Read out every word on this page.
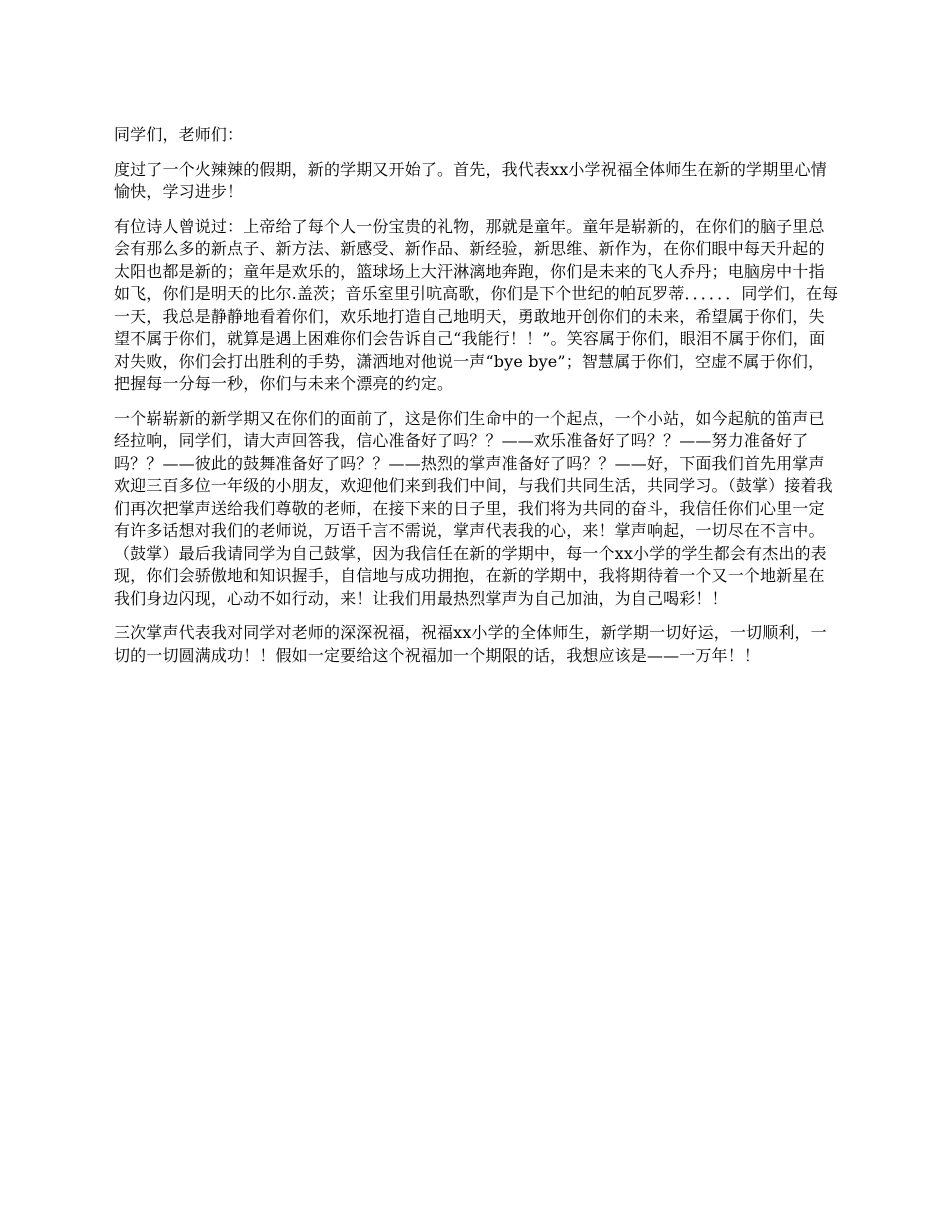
同学们，老师们：

度过了一个火辣辣的假期，新的学期又开始了。首先，我代表xx小学祝福全体师生在新的学期里心情愉快，学习进步！

有位诗人曾说过：上帝给了每个人一份宝贵的礼物，那就是童年。童年是崭新的，在你们的脑子里总会有那么多的新点子、新方法、新感受、新作品、新经验，新思维、新作为，在你们眼中每天升起的太阳也都是新的；童年是欢乐的，篮球场上大汗淋漓地奔跑，你们是未来的飞人乔丹；电脑房中十指如飞，你们是明天的比尔.盖茨；音乐室里引吭高歌，你们是下个世纪的帕瓦罗蒂．．．．．．同学们，在每一天，我总是静静地看着你们，欢乐地打造自己地明天，勇敢地开创你们的未来，希望属于你们，失望不属于你们，就算是遇上困难你们会告诉自己“我能行！！”。笑容属于你们，眼泪不属于你们，面对失败，你们会打出胜利的手势，潇洒地对他说一声“bye bye”；智慧属于你们，空虚不属于你们，把握每一分每一秒，你们与未来个漂亮的约定。

一个崭崭新的新学期又在你们的面前了，这是你们生命中的一个起点，一个小站，如今起航的笛声已经拉响，同学们，请大声回答我，信心准备好了吗？？——欢乐准备好了吗？？——努力准备好了吗？？——彼此的鼓舞准备好了吗？？——热烈的掌声准备好了吗？？——好，下面我们首先用掌声欢迎三百多位一年级的小朋友，欢迎他们来到我们中间，与我们共同生活，共同学习。（鼓掌）接着我们再次把掌声送给我们尊敬的老师，在接下来的日子里，我们将为共同的奋斗，我信任你们心里一定有许多话想对我们的老师说，万语千言不需说，掌声代表我的心，来！掌声响起，一切尽在不言中。（鼓掌）最后我请同学为自己鼓掌，因为我信任在新的学期中，每一个xx小学的学生都会有杰出的表现，你们会骄傲地和知识握手，自信地与成功拥抱，在新的学期中，我将期待着一个又一个地新星在我们身边闪现，心动不如行动，来！让我们用最热烈掌声为自己加油，为自己喝彩！！

三次掌声代表我对同学对老师的深深祝福，祝福xx小学的全体师生，新学期一切好运，一切顺利，一切的一切圆满成功！！假如一定要给这个祝福加一个期限的话，我想应该是——一万年！！
